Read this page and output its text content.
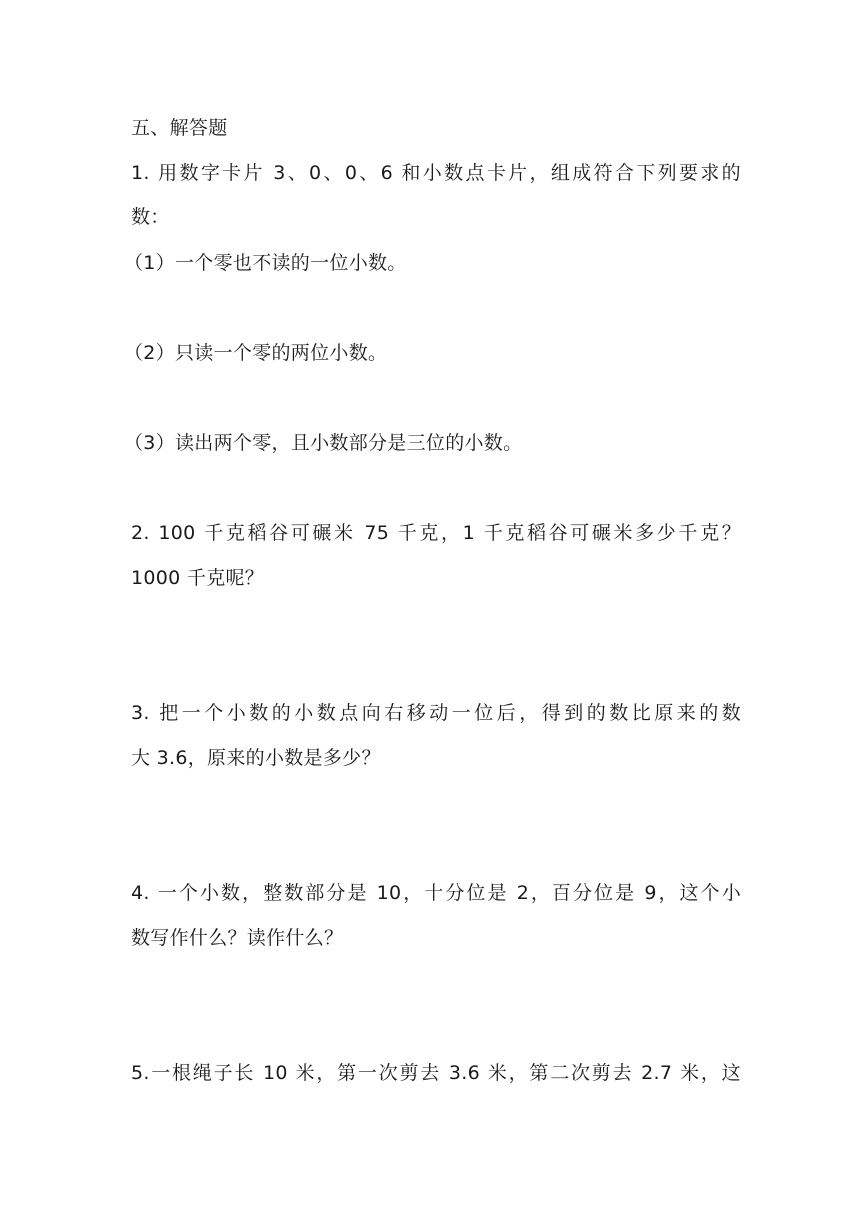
五、解答题
1. 用数字卡片 3、0、0、6 和小数点卡片，组成符合下列要求的
数：
（1）一个零也不读的一位小数。
（2）只读一个零的两位小数。
（3）读出两个零，且小数部分是三位的小数。
2. 100 千克稻谷可碾米 75 千克，1 千克稻谷可碾米多少千克？
1000 千克呢？
3. 把一个小数的小数点向右移动一位后，得到的数比原来的数
大 3.6，原来的小数是多少？
4. 一个小数，整数部分是 10，十分位是 2，百分位是 9，这个小
数写作什么？读作什么？
5.一根绳子长 10 米，第一次剪去 3.6 米，第二次剪去 2.7 米，这
